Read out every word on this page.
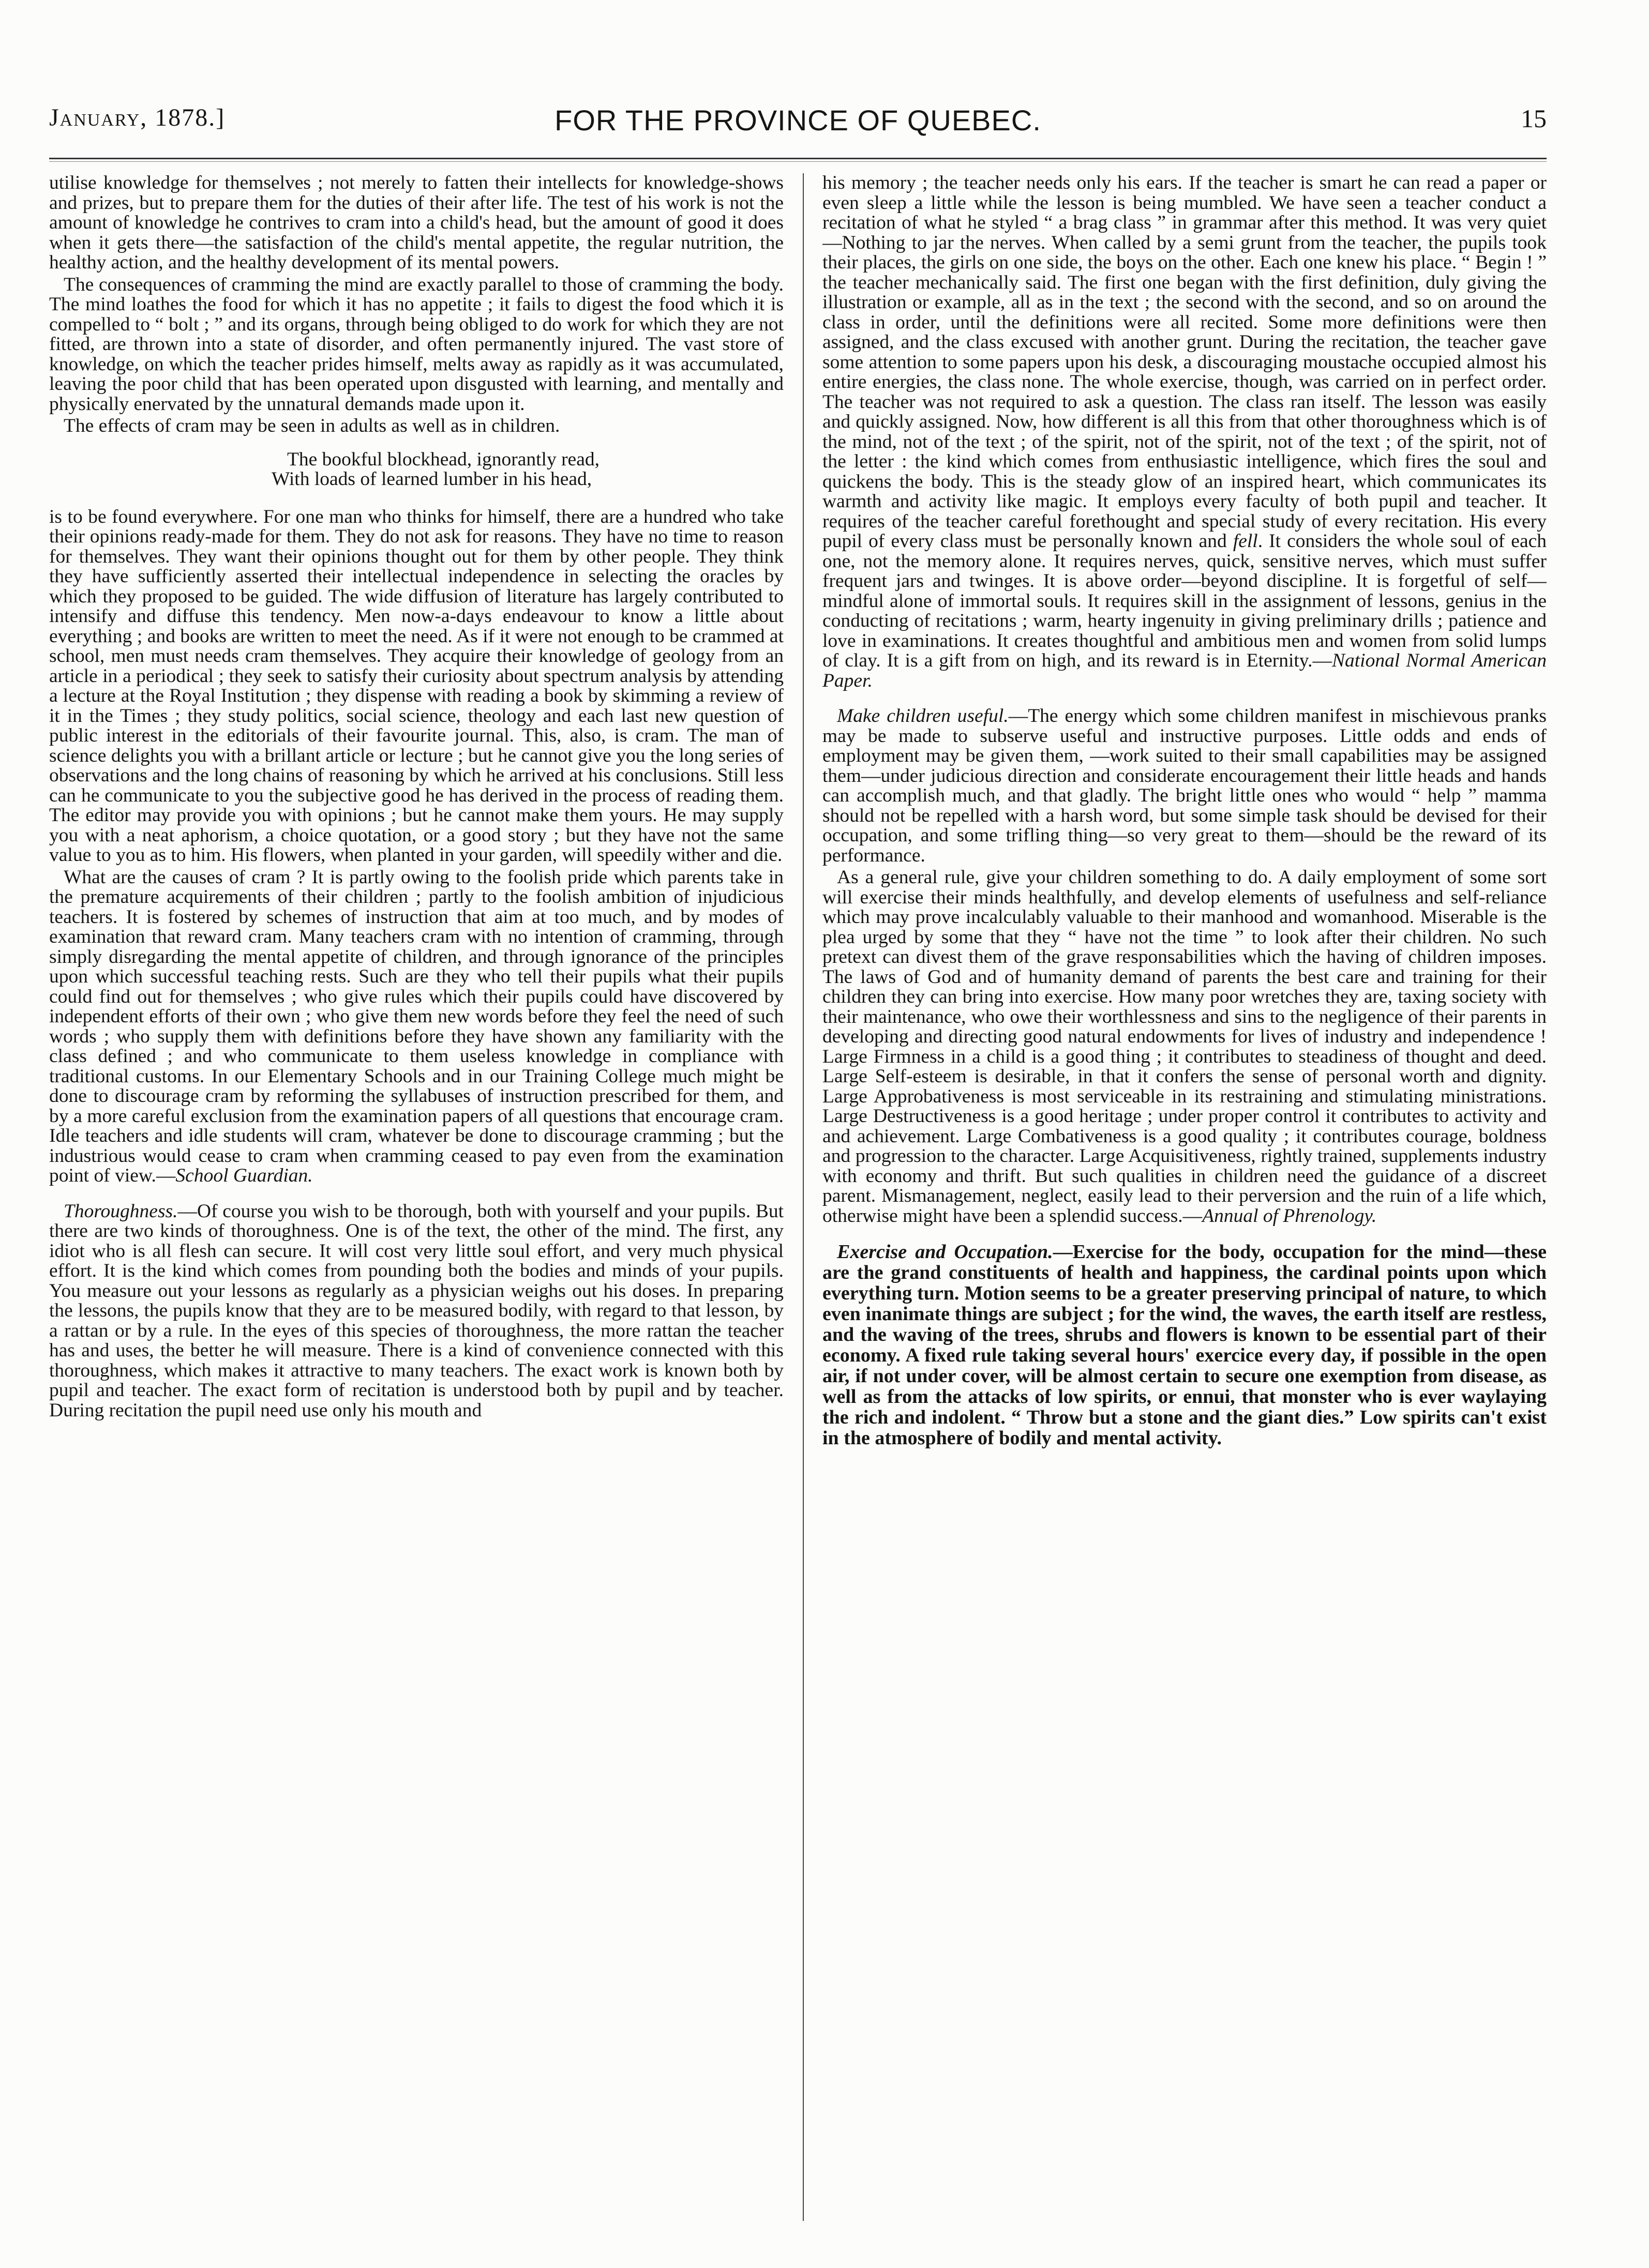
January, 1878.]	FOR THE PROVINCE OF QUEBEC.	15

utilise knowledge for themselves ; not merely to fatten their intellects for knowledge-shows and prizes, but to prepare them for the duties of their after life. The test of his work is not the amount of knowledge he contrives to cram into a child's head, but the amount of good it does when it gets there—the satisfaction of the child's mental appetite, the regular nutrition, the healthy action, and the healthy development of its mental powers.

The consequences of cramming the mind are exactly parallel to those of cramming the body. The mind loathes the food for which it has no appetite ; it fails to digest the food which it is compelled to “ bolt ; ” and its organs, through being obliged to do work for which they are not fitted, are thrown into a state of disorder, and often permanently injured. The vast store of knowledge, on which the teacher prides himself, melts away as rapidly as it was accumulated, leaving the poor child that has been operated upon disgusted with learning, and mentally and physically enervated by the unnatural demands made upon it.

The effects of cram may be seen in adults as well as in children.

The bookful blockhead, ignorantly read,
With loads of learned lumber in his head,

is to be found everywhere. For one man who thinks for himself, there are a hundred who take their opinions ready-made for them. They do not ask for reasons. They have no time to reason for themselves. They want their opinions thought out for them by other people. They think they have sufficiently asserted their intellectual independence in selecting the oracles by which they proposed to be guided. The wide diffusion of literature has largely contributed to intensify and diffuse this tendency. Men now-a-days endeavour to know a little about everything ; and books are written to meet the need. As if it were not enough to be crammed at school, men must needs cram themselves. They acquire their knowledge of geology from an article in a periodical ; they seek to satisfy their curiosity about spectrum analysis by attending a lecture at the Royal Institution ; they dispense with reading a book by skimming a review of it in the Times ; they study politics, social science, theology and each last new question of public interest in the editorials of their favourite journal. This, also, is cram. The man of science delights you with a brillant article or lecture ; but he cannot give you the long series of observations and the long chains of reasoning by which he arrived at his conclusions. Still less can he communicate to you the subjective good he has derived in the process of reading them. The editor may provide you with opinions ; but he cannot make them yours. He may supply you with a neat aphorism, a choice quotation, or a good story ; but they have not the same value to you as to him. His flowers, when planted in your garden, will speedily wither and die.

What are the causes of cram ? It is partly owing to the foolish pride which parents take in the premature acquirements of their children ; partly to the foolish ambition of injudicious teachers. It is fostered by schemes of instruction that aim at too much, and by modes of examination that reward cram. Many teachers cram with no intention of cramming, through simply disregarding the mental appetite of children, and through ignorance of the principles upon which successful teaching rests. Such are they who tell their pupils what their pupils could find out for themselves ; who give rules which their pupils could have discovered by independent efforts of their own ; who give them new words before they feel the need of such words ; who supply them with definitions before they have shown any familiarity with the class defined ; and who communicate to them useless knowledge in compliance with traditional customs. In our Elementary Schools and in our Training College much might be done to discourage cram by reforming the syllabuses of instruction prescribed for them, and by a more careful exclusion from the examination papers of all questions that encourage cram. Idle teachers and idle students will cram, whatever be done to discourage cramming ; but the industrious would cease to cram when cramming ceased to pay even from the examination point of view.—School Guardian.

Thoroughness.—Of course you wish to be thorough, both with yourself and your pupils. But there are two kinds of thoroughness. One is of the text, the other of the mind. The first, any idiot who is all flesh can secure. It will cost very little soul effort, and very much physical effort. It is the kind which comes from pounding both the bodies and minds of your pupils. You measure out your lessons as regularly as a physician weighs out his doses. In preparing the lessons, the pupils know that they are to be measured bodily, with regard to that lesson, by a rattan or by a rule. In the eyes of this species of thoroughness, the more rattan the teacher has and uses, the better he will measure. There is a kind of convenience connected with this thoroughness, which makes it attractive to many teachers. The exact work is known both by pupil and teacher. The exact form of recitation is understood both by pupil and by teacher. During recitation the pupil need use only his mouth and

his memory ; the teacher needs only his ears. If the teacher is smart he can read a paper or even sleep a little while the lesson is being mumbled. We have seen a teacher conduct a recitation of what he styled “ a brag class ” in grammar after this method. It was very quiet —Nothing to jar the nerves. When called by a semi grunt from the teacher, the pupils took their places, the girls on one side, the boys on the other. Each one knew his place. “ Begin ! ” the teacher mechanically said. The first one began with the first definition, duly giving the illustration or example, all as in the text ; the second with the second, and so on around the class in order, until the definitions were all recited. Some more definitions were then assigned, and the class excused with another grunt. During the recitation, the teacher gave some attention to some papers upon his desk, a discouraging moustache occupied almost his entire energies, the class none. The whole exercise, though, was carried on in perfect order. The teacher was not required to ask a question. The class ran itself. The lesson was easily and quickly assigned. Now, how different is all this from that other thoroughness which is of the mind, not of the text ; of the spirit, not of the spirit, not of the text ; of the spirit, not of the letter : the kind which comes from enthusiastic intelligence, which fires the soul and quickens the body. This is the steady glow of an inspired heart, which communicates its warmth and activity like magic. It employs every faculty of both pupil and teacher. It requires of the teacher careful forethought and special study of every recitation. His every pupil of every class must be personally known and fell. It considers the whole soul of each one, not the memory alone. It requires nerves, quick, sensitive nerves, which must suffer frequent jars and twinges. It is above order—beyond discipline. It is forgetful of self—mindful alone of immortal souls. It requires skill in the assignment of lessons, genius in the conducting of recitations ; warm, hearty ingenuity in giving preliminary drills ; patience and love in examinations. It creates thoughtful and ambitious men and women from solid lumps of clay. It is a gift from on high, and its reward is in Eternity.—National Normal American Paper.

Make children useful.—The energy which some children manifest in mischievous pranks may be made to subserve useful and instructive purposes. Little odds and ends of employment may be given them, —work suited to their small capabilities may be assigned them—under judicious direction and considerate encouragement their little heads and hands can accomplish much, and that gladly. The bright little ones who would “ help ” mamma should not be repelled with a harsh word, but some simple task should be devised for their occupation, and some trifling thing—so very great to them—should be the reward of its performance.

As a general rule, give your children something to do. A daily employment of some sort will exercise their minds healthfully, and develop elements of usefulness and self-reliance which may prove incalculably valuable to their manhood and womanhood. Miserable is the plea urged by some that they “ have not the time ” to look after their children. No such pretext can divest them of the grave responsabilities which the having of children imposes. The laws of God and of humanity demand of parents the best care and training for their children they can bring into exercise. How many poor wretches they are, taxing society with their maintenance, who owe their worthlessness and sins to the negligence of their parents in developing and directing good natural endowments for lives of industry and independence ! Large Firmness in a child is a good thing ; it contributes to steadiness of thought and deed. Large Self-esteem is desirable, in that it confers the sense of personal worth and dignity. Large Approbativeness is most serviceable in its restraining and stimulating ministrations. Large Destructiveness is a good heritage ; under proper control it contributes to activity and and achievement. Large Combativeness is a good quality ; it contributes courage, boldness and progression to the character. Large Acquisitiveness, rightly trained, supplements industry with economy and thrift. But such qualities in children need the guidance of a discreet parent. Mismanagement, neglect, easily lead to their perversion and the ruin of a life which, otherwise might have been a splendid success.—Annual of Phrenology.

Exercise and Occupation.—Exercise for the body, occupation for the mind—these are the grand constituents of health and happiness, the cardinal points upon which everything turn. Motion seems to be a greater preserving principal of nature, to which even inanimate things are subject ; for the wind, the waves, the earth itself are restless, and the waving of the trees, shrubs and flowers is known to be essential part of their economy. A fixed rule taking several hours' exercice every day, if possible in the open air, if not under cover, will be almost certain to secure one exemption from disease, as well as from the attacks of low spirits, or ennui, that monster who is ever waylaying the rich and indolent. “ Throw but a stone and the giant dies.” Low spirits can't exist in the atmosphere of bodily and mental activity.
